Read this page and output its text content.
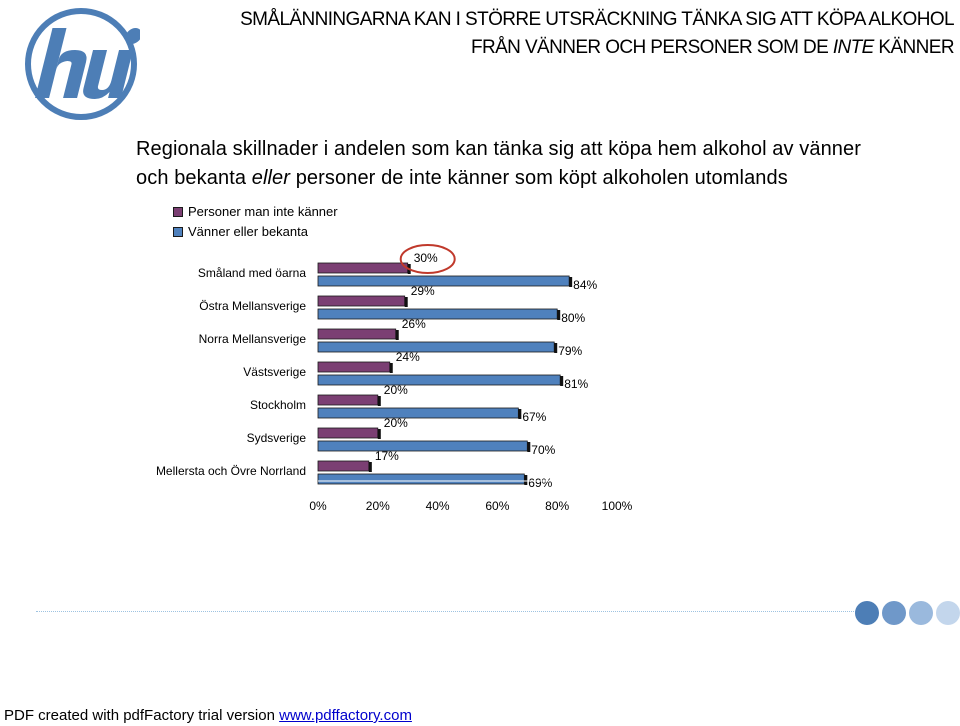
SMÅLÄNNINGARNA KAN I STÖRRE UTSRÄCKNING TÄNKA SIG ATT KÖPA ALKOHOL
FRÅN VÄNNER OCH PERSONER SOM DE INTE KÄNNER
Regionala skillnader i andelen som kan tänka sig att köpa hem alkohol av vänner
och bekanta eller personer de inte känner som köpt alkoholen utomlands
Personer man inte känner
Vänner eller bekanta
Småland med öarna
30%
84%
Östra Mellansverige
29%
80%
Norra Mellansverige
26%
79%
Västsverige
24%
81%
Stockholm
20%
67%
Sydsverige
20%
70%
Mellersta och Övre Norrland
17%
69%
0%	20%	40%	60%	80%	100%
PDF created with pdfFactory trial version www.pdffactory.com
